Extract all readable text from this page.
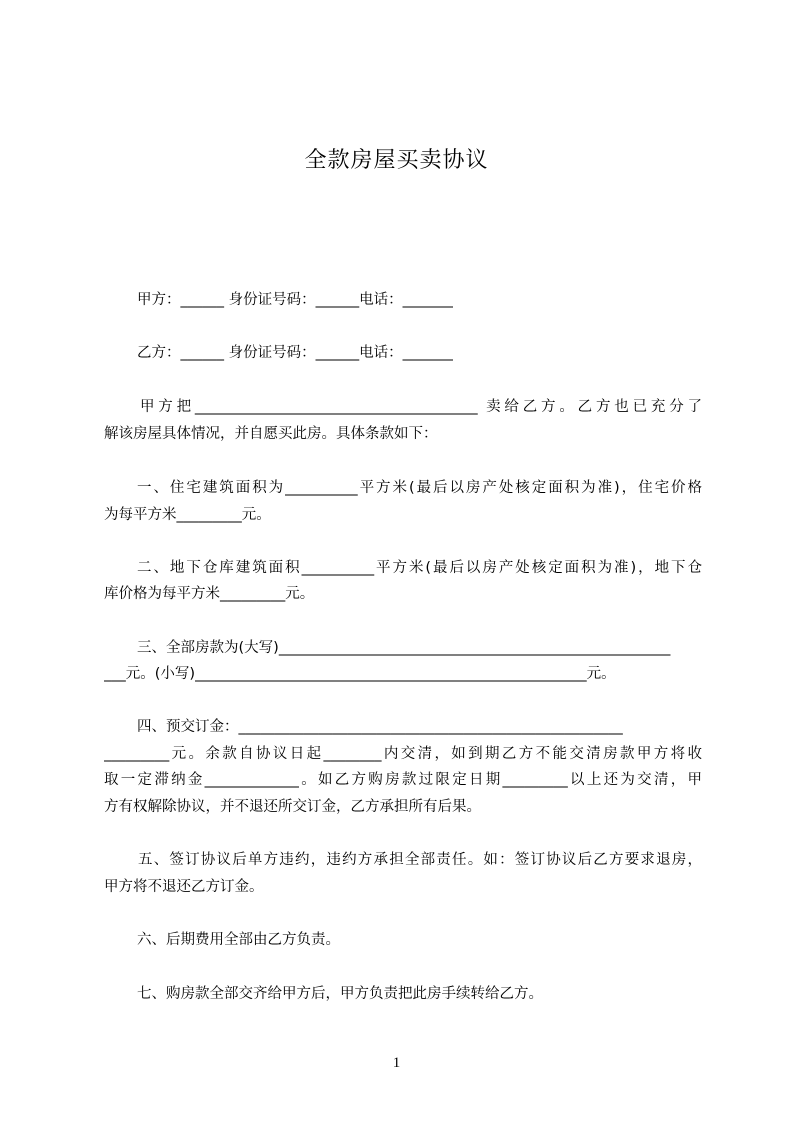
全款房屋买卖协议
甲方：______ 身份证号码：______电话：_______
乙方：______ 身份证号码：______电话：_______
甲方把_______________________________________ 卖给乙方。乙方也已充分了
解该房屋具体情况，并自愿买此房。具体条款如下：
一、住宅建筑面积为__________平方米(最后以房产处核定面积为准)，住宅价格
为每平方米_________元。
二、地下仓库建筑面积__________平方米(最后以房产处核定面积为准)，地下仓
库价格为每平方米_________元。
三、全部房款为(大写)______________________________________________________
___元。(小写)______________________________________________________元。
四、预交订金：_____________________________________________________
_________元。余款自协议日起________内交清，如到期乙方不能交清房款甲方将收
取一定滞纳金_____________。如乙方购房款过限定日期_________以上还为交清，甲
方有权解除协议，并不退还所交订金，乙方承担所有后果。
五、签订协议后单方违约，违约方承担全部责任。如：签订协议后乙方要求退房，
甲方将不退还乙方订金。
六、后期费用全部由乙方负责。
七、购房款全部交齐给甲方后，甲方负责把此房手续转给乙方。
1
